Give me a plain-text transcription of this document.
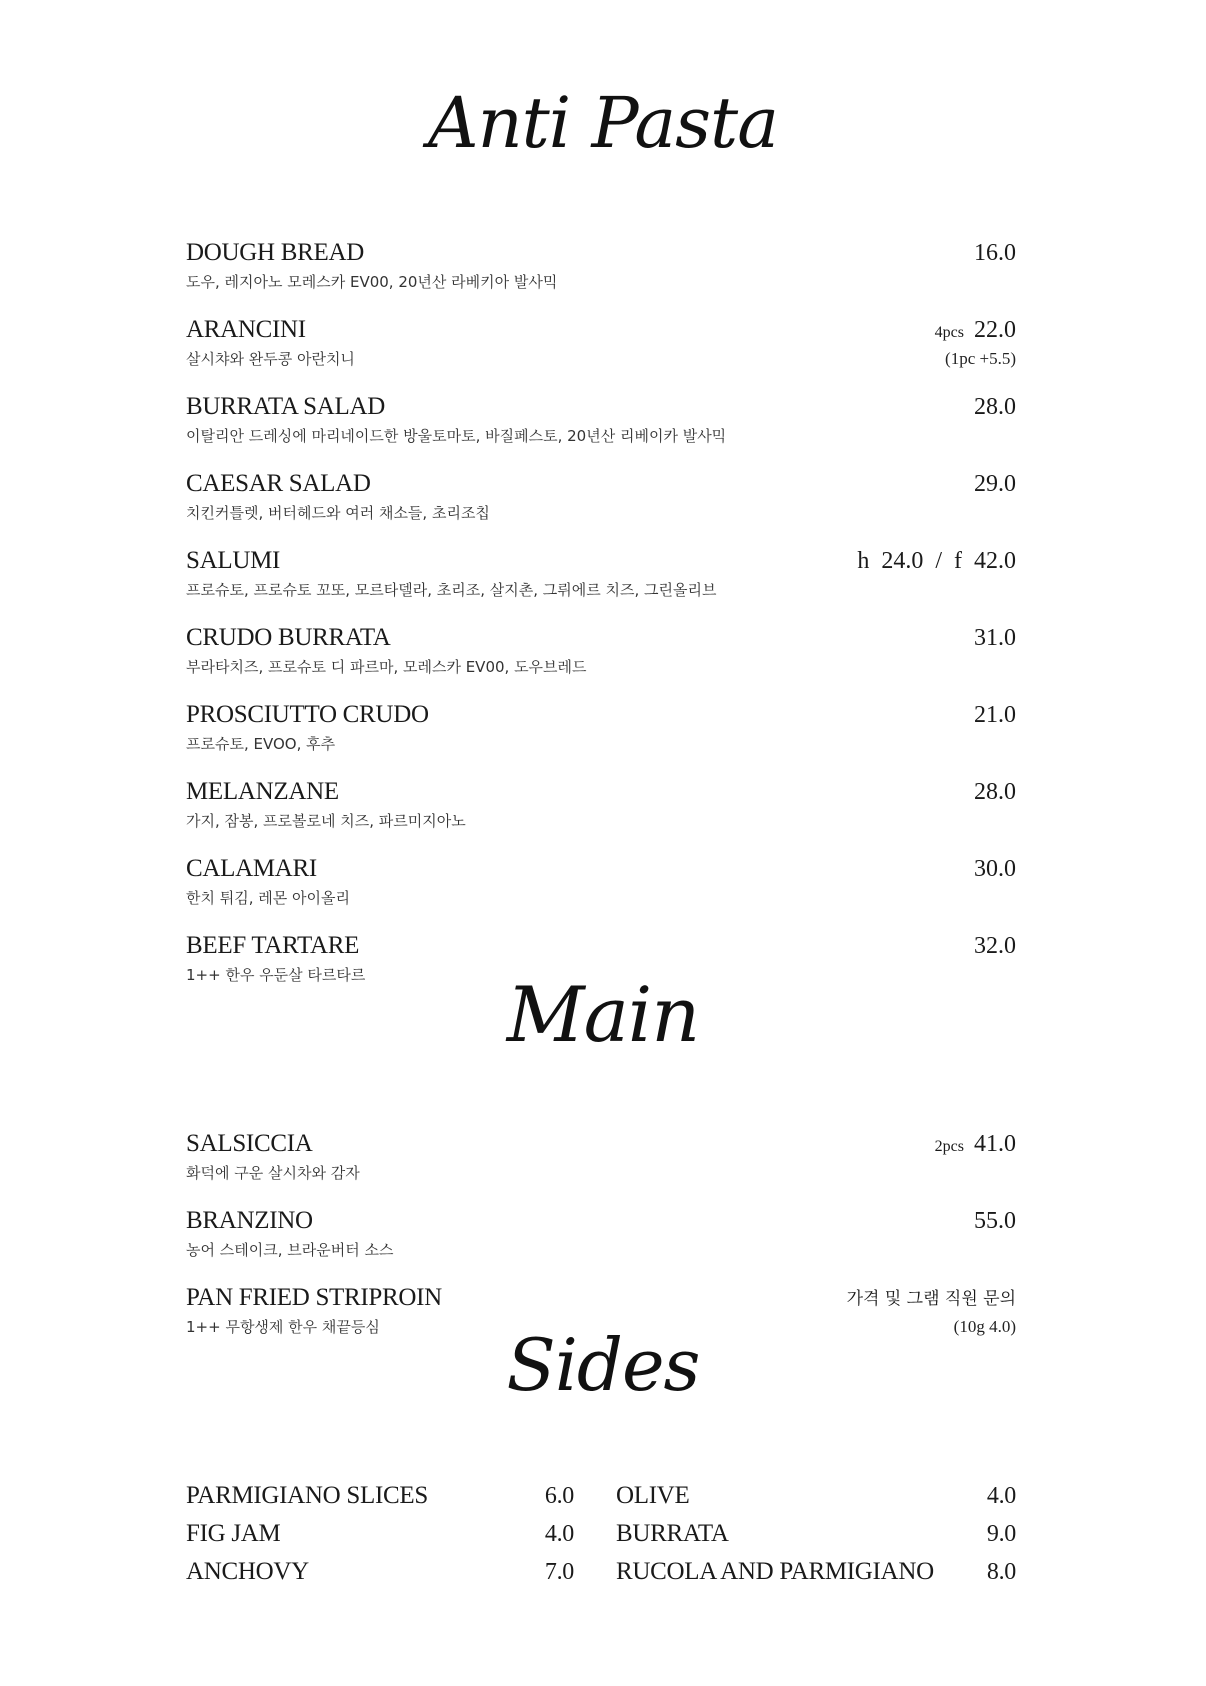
Anti Pasta
Main
Sides
DOUGH BREAD
도우, 레지아노 모레스카 EV00, 20년산 라베키아 발사믹
16.0
ARANCINI
살시챠와 완두콩 아란치니
4pcs 22.0
(1pc +5.5)
BURRATA SALAD
이탈리안 드레싱에 마리네이드한 방울토마토, 바질페스토, 20년산 리베이카 발사믹
28.0
CAESAR SALAD
치킨커틀렛, 버터헤드와 여러 채소들, 초리조칩
29.0
SALUMI
프로슈토, 프로슈토 꼬또, 모르타델라, 초리조, 살지촌, 그뤼에르 치즈, 그린올리브
h  24.0  /  f  42.0
CRUDO BURRATA
부라타치즈, 프로슈토 디 파르마, 모레스카 EV00, 도우브레드
31.0
PROSCIUTTO CRUDO
프로슈토, EVOO, 후추
21.0
MELANZANE
가지, 잠봉, 프로볼로네 치즈, 파르미지아노
28.0
CALAMARI
한치 튀김, 레몬 아이올리
30.0
BEEF TARTARE
1++ 한우 우둔살 타르타르
32.0
SALSICCIA
화덕에 구운 살시차와 감자
2pcs 41.0
BRANZINO
농어 스테이크, 브라운버터 소스
55.0
PAN FRIED STRIPROIN
1++ 무항생제 한우 채끝등심
가격 및 그램 직원 문의
(10g 4.0)
PARMIGIANO SLICES	6.0
FIG JAM	4.0
ANCHOVY	7.0
OLIVE	4.0
BURRATA	9.0
RUCOLA AND PARMIGIANO 8.0
